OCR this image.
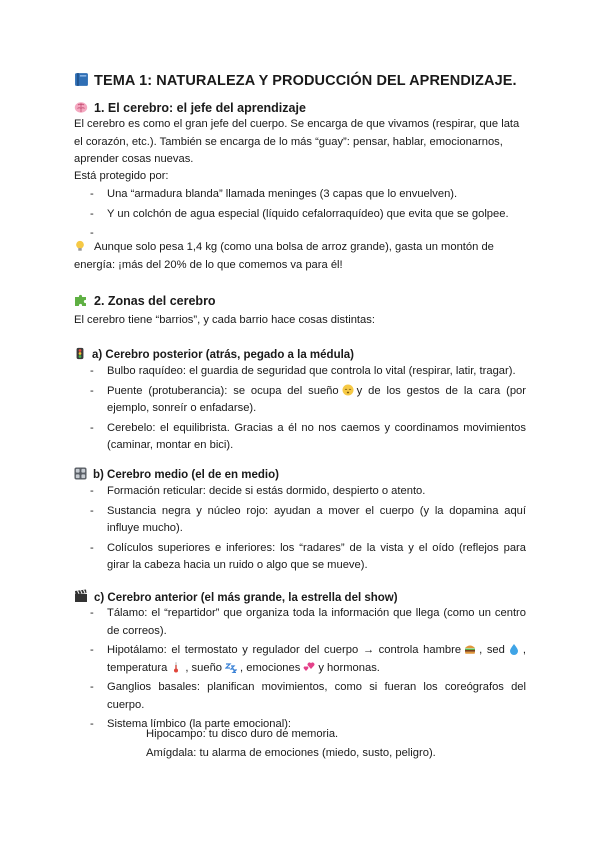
TEMA 1: NATURALEZA Y PRODUCCIÓN DEL APRENDIZAJE.
1. El cerebro: el jefe del aprendizaje

El cerebro es como el gran jefe del cuerpo. Se encarga de que vivamos (respirar, que lata
el corazón, etc.). También se encarga de lo más “guay”: pensar, hablar, emocionarnos,
aprender cosas nuevas.

Está protegido por:

- Una “armadura blanda” llamada meninges (3 capas que lo envuelven).
- Y un colchón de agua especial (líquido cefalorraquídeo) que evita que se golpee.
-

Aunque solo pesa 1,4 kg (como una bolsa de arroz grande), gasta un montón de
energía: ¡más del 20% de lo que comemos va para él!

2. Zonas del cerebro

El cerebro tiene “barrios”, y cada barrio hace cosas distintas:

a) Cerebro posterior (atrás, pegado a la médula)
- Bulbo raquídeo: el guardia de seguridad que controla lo vital (respirar, latir, tragar).
- Puente (protuberancia): se ocupa del sueño y de los gestos de la cara (por ejemplo, sonreír o enfadarse).
- Cerebelo: el equilibrista. Gracias a él no nos caemos y coordinamos movimientos (caminar, montar en bici).
b) Cerebro medio (el de en medio)
- Formación reticular: decide si estás dormido, despierto o atento.
- Sustancia negra y núcleo rojo: ayudan a mover el cuerpo (y la dopamina aquí influye mucho).
- Colículos superiores e inferiores: los “radares” de la vista y el oído (reflejos para girar la cabeza hacia un ruido o algo que se mueve).
c) Cerebro anterior (el más grande, la estrella del show)
- Tálamo: el “repartidor” que organiza toda la información que llega (como un centro de correos).
- Hipotálamo: el termostato y regulador del cuerpo → controla hambre , sed , temperatura , sueño , emociones y hormonas.
- Ganglios basales: planifican movimientos, como si fueran los coreógrafos del cuerpo.
- Sistema límbico (la parte emocional):

Hipocampo: tu disco duro de memoria.

Amígdala: tu alarma de emociones (miedo, susto, peligro).
